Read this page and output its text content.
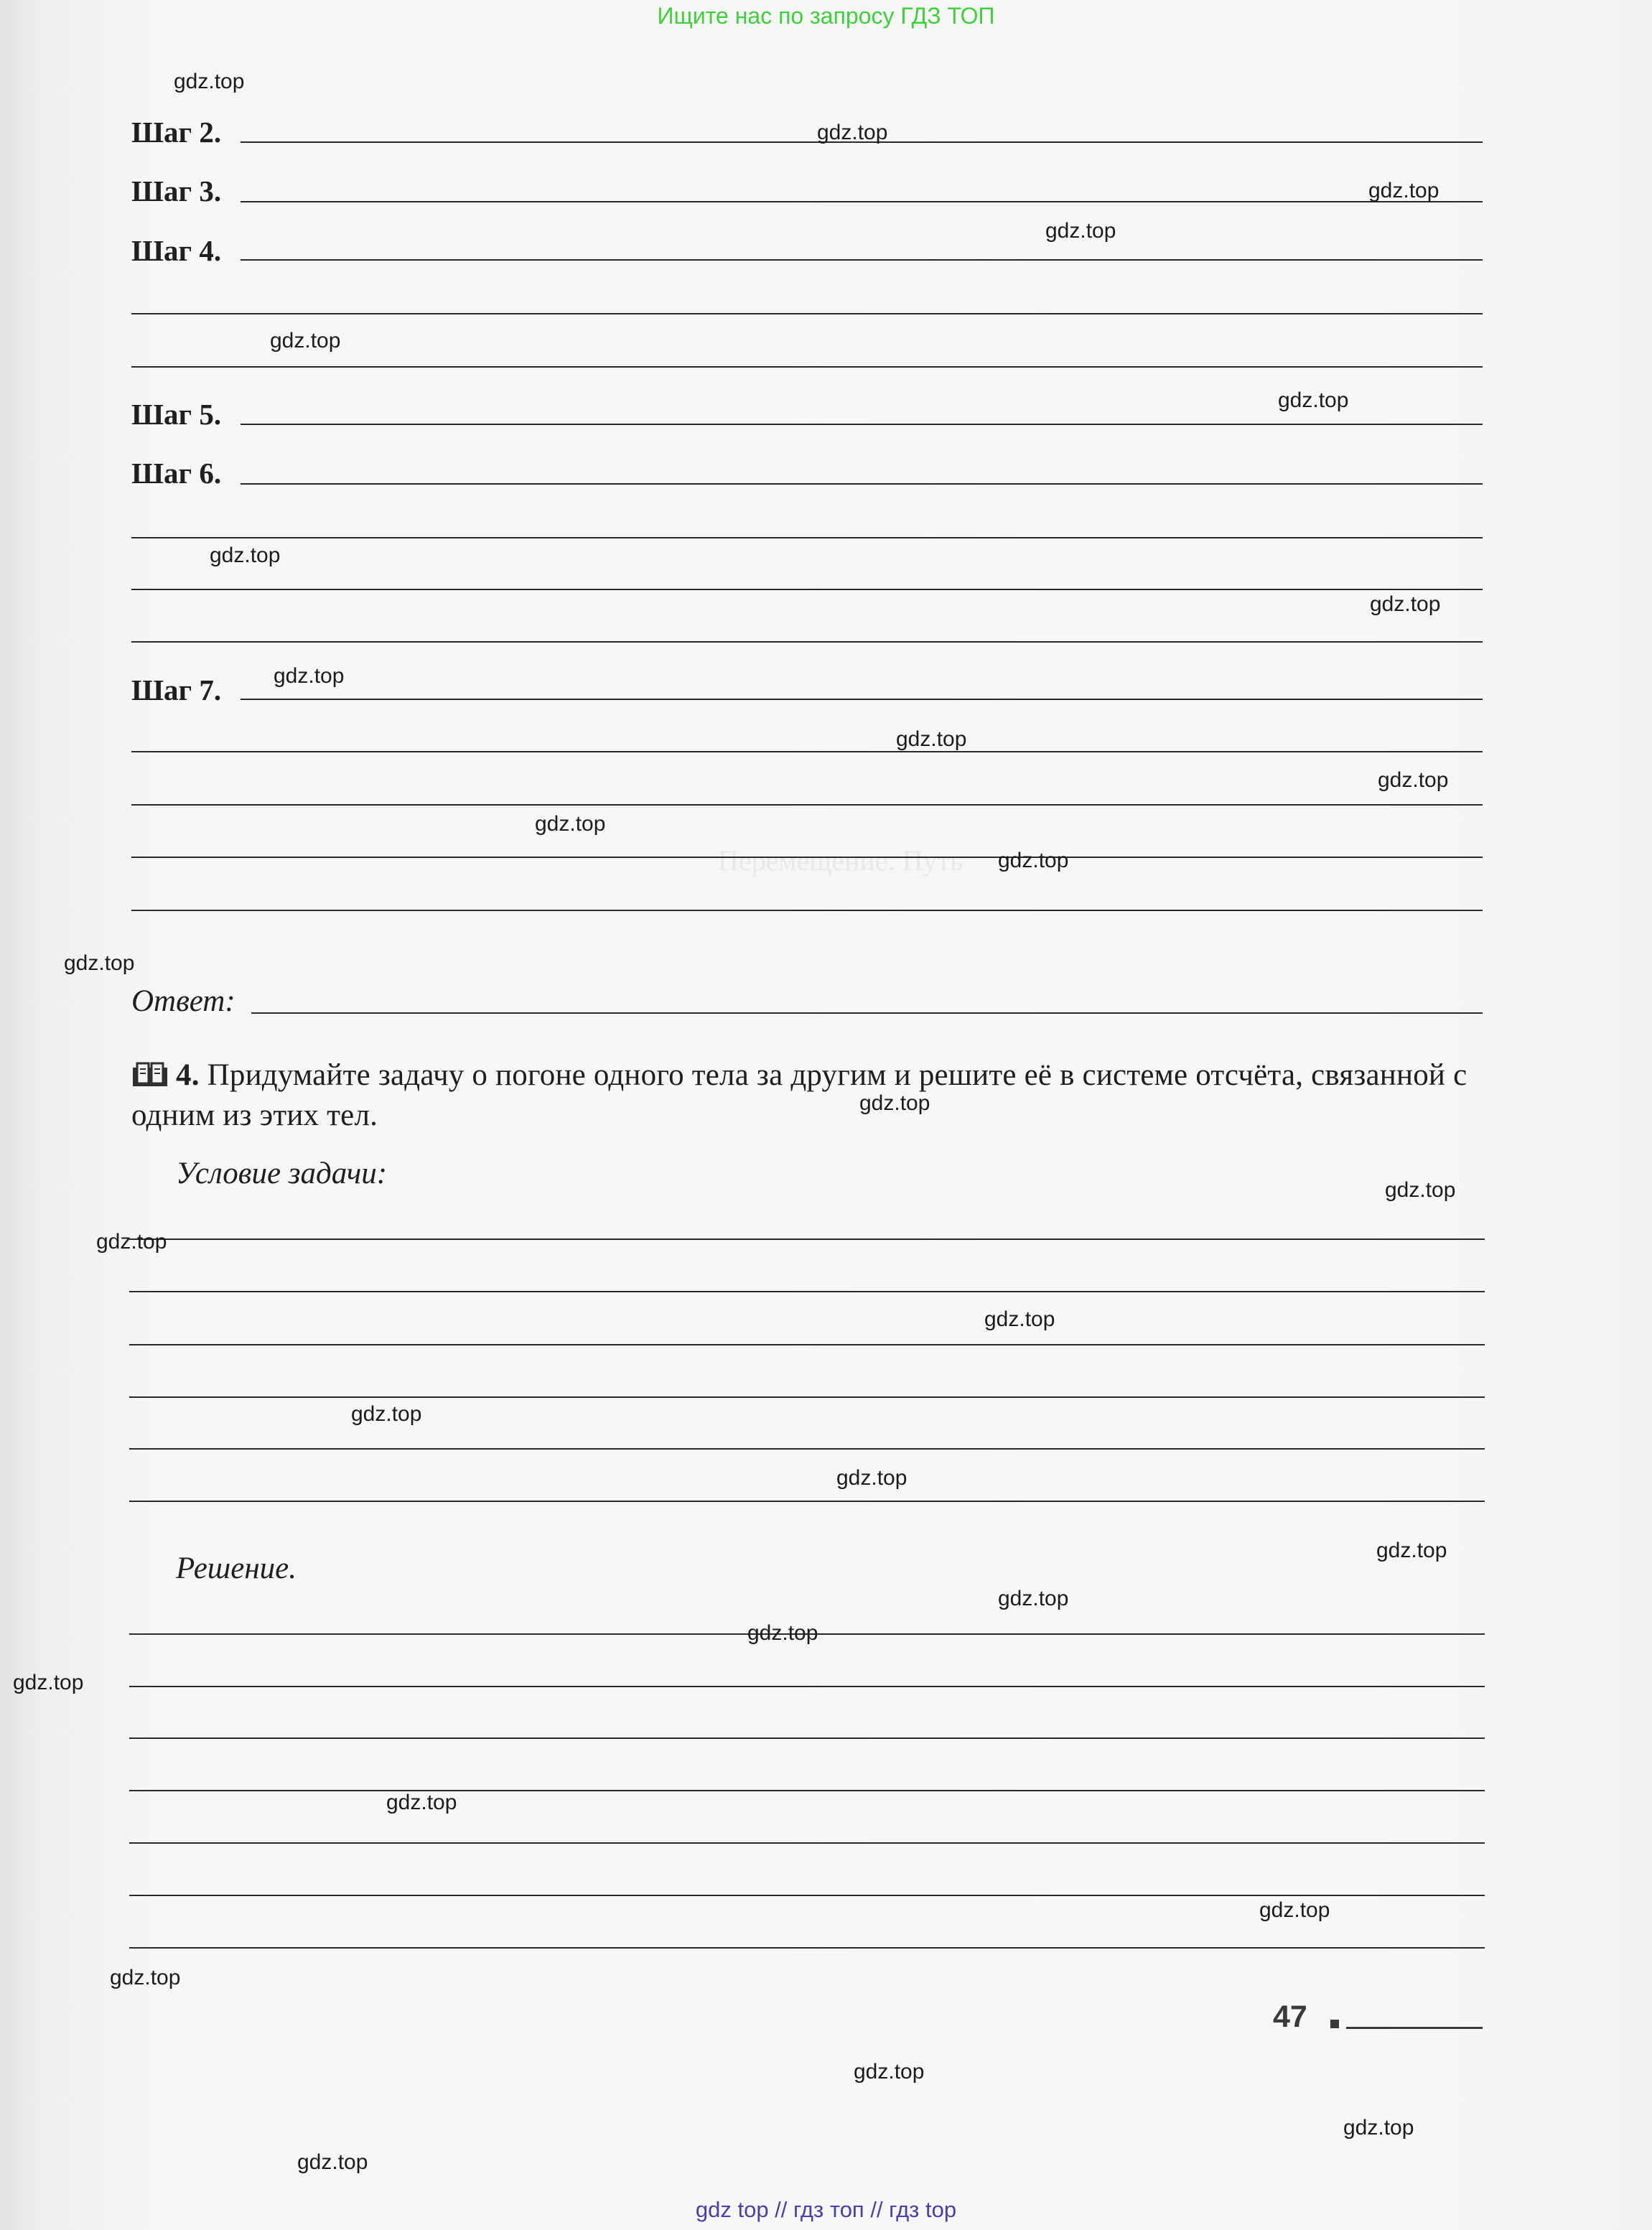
Перемещение. Путь
Ищите нас по запросу ГДЗ ТОП
Шаг 2.
Шаг 3.
Шаг 4.
Шаг 5.
Шаг 6.
Шаг 7.
Ответ:
4. Придумайте задачу о погоне одного тела за другим и решите её в системе отсчёта, связанной с одним из этих тел.
Условие задачи:
Решение.
47
gdz.top
gdz.top
gdz.top
gdz.top
gdz.top
gdz.top
gdz.top
gdz.top
gdz.top
gdz.top
gdz.top
gdz.top
gdz.top
gdz.top
gdz.top
gdz.top
gdz.top
gdz.top
gdz.top
gdz.top
gdz.top
gdz.top
gdz.top
gdz.top
gdz.top
gdz.top
gdz.top
gdz.top
gdz.top
gdz.top
gdz top // гдз топ // гдз top
